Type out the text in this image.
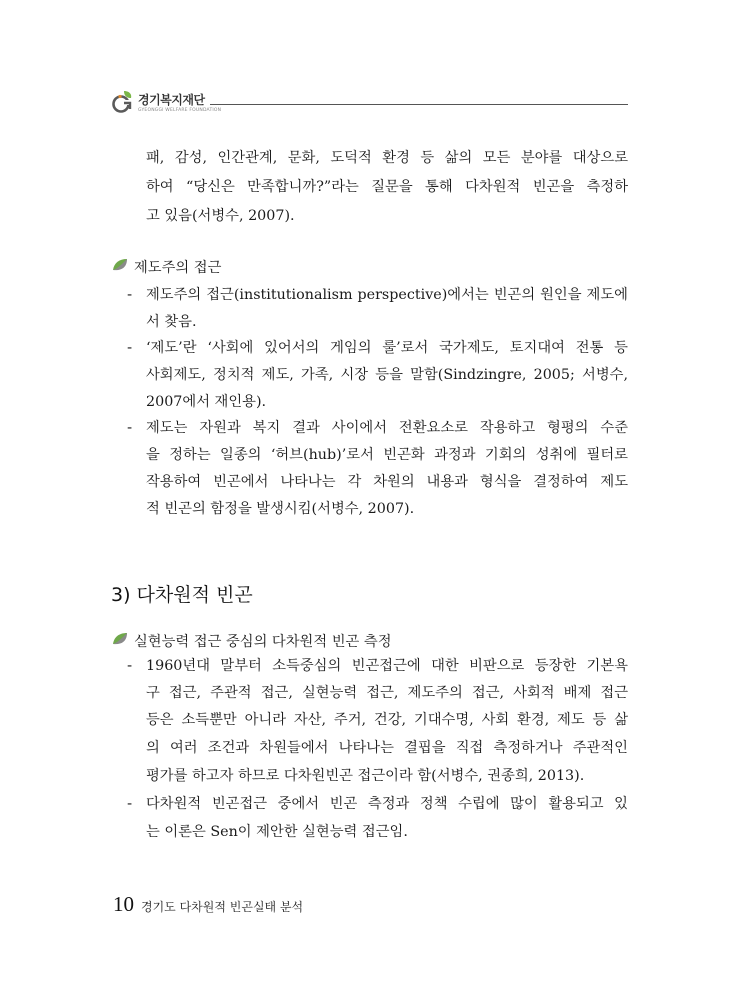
경기복지재단
GYEONGGI WELFARE FOUNDATION
패, 감성, 인간관계, 문화, 도덕적 환경 등 삶의 모든 분야를 대상으로
하여 “당신은 만족합니까?”라는 질문을 통해 다차원적 빈곤을 측정하
고 있음(서병수, 2007).
제도주의 접근
- 제도주의 접근(institutionalism perspective)에서는 빈곤의 원인을 제도에
서 찾음.
- ‘제도’란 ‘사회에 있어서의 게임의 룰’로서 국가제도, 토지대여 전통 등
사회제도, 정치적 제도, 가족, 시장 등을 말함(Sindzingre, 2005; 서병수,
2007에서 재인용).
- 제도는 자원과 복지 결과 사이에서 전환요소로 작용하고 형평의 수준
을 정하는 일종의 ‘허브(hub)’로서 빈곤화 과정과 기회의 성취에 필터로
작용하여 빈곤에서 나타나는 각 차원의 내용과 형식을 결정하여 제도
적 빈곤의 함정을 발생시킴(서병수, 2007).
3) 다차원적 빈곤
실현능력 접근 중심의 다차원적 빈곤 측정
- 1960년대 말부터 소득중심의 빈곤접근에 대한 비판으로 등장한 기본욕
구 접근, 주관적 접근, 실현능력 접근, 제도주의 접근, 사회적 배제 접근
등은 소득뿐만 아니라 자산, 주거, 건강, 기대수명, 사회 환경, 제도 등 삶
의 여러 조건과 차원들에서 나타나는 결핍을 직접 측정하거나 주관적인
평가를 하고자 하므로 다차원빈곤 접근이라 함(서병수, 권종희, 2013).
- 다차원적 빈곤접근 중에서 빈곤 측정과 정책 수립에 많이 활용되고 있
는 이론은 Sen이 제안한 실현능력 접근임.
10 경기도 다차원적 빈곤실태 분석
